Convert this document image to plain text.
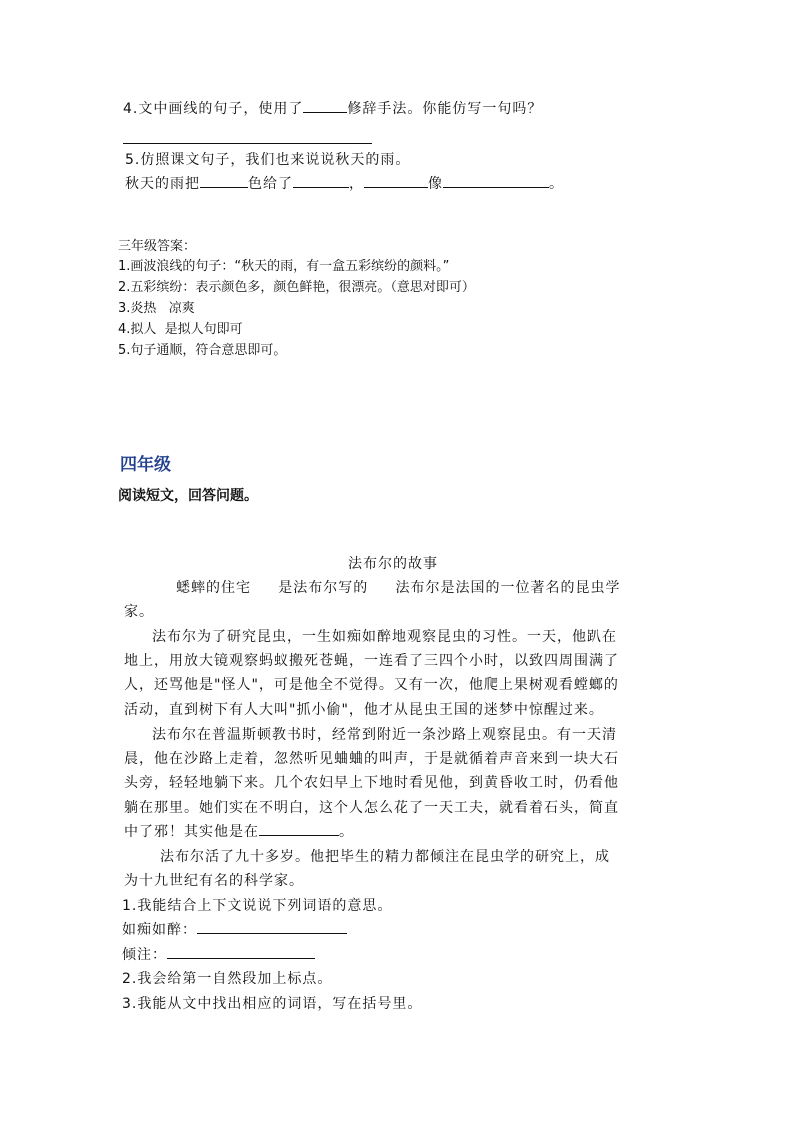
4.文中画线的句子，使用了	修辞手法。你能仿写一句吗？
5.仿照课文句子，我们也来说说秋天的雨。
秋天的雨把	色给了	，	像	。
三年级答案：
1.画波浪线的句子：“秋天的雨，有一盒五彩缤纷的颜料。”
2.五彩缤纷：表示颜色多，颜色鲜艳，很漂亮。（意思对即可）
3.炎热   凉爽
4.拟人  是拟人句即可
5.句子通顺，符合意思即可。
四年级
阅读短文，回答问题。
法布尔的故事
蟋蟀的住宅     是法布尔写的     法布尔是法国的一位著名的昆虫学
家。
法布尔为了研究昆虫，一生如痴如醉地观察昆虫的习性。一天，他趴在
地上，用放大镜观察蚂蚁搬死苍蝇，一连看了三四个小时，以致四周围满了
人，还骂他是"怪人"，可是他全不觉得。又有一次，他爬上果树观看螳螂的
活动，直到树下有人大叫"抓小偷"，他才从昆虫王国的迷梦中惊醒过来。
法布尔在普温斯顿教书时，经常到附近一条沙路上观察昆虫。有一天清
晨，他在沙路上走着，忽然听见蛐蛐的叫声，于是就循着声音来到一块大石
头旁，轻轻地躺下来。几个农妇早上下地时看见他，到黄昏收工时，仍看他
躺在那里。她们实在不明白，这个人怎么花了一天工夫，就看着石头，简直
中了邪！其实他是在	。
法布尔活了九十多岁。他把毕生的精力都倾注在昆虫学的研究上，成
为十九世纪有名的科学家。
1.我能结合上下文说说下列词语的意思。
如痴如醉：
倾注：
2.我会给第一自然段加上标点。
3.我能从文中找出相应的词语，写在括号里。
